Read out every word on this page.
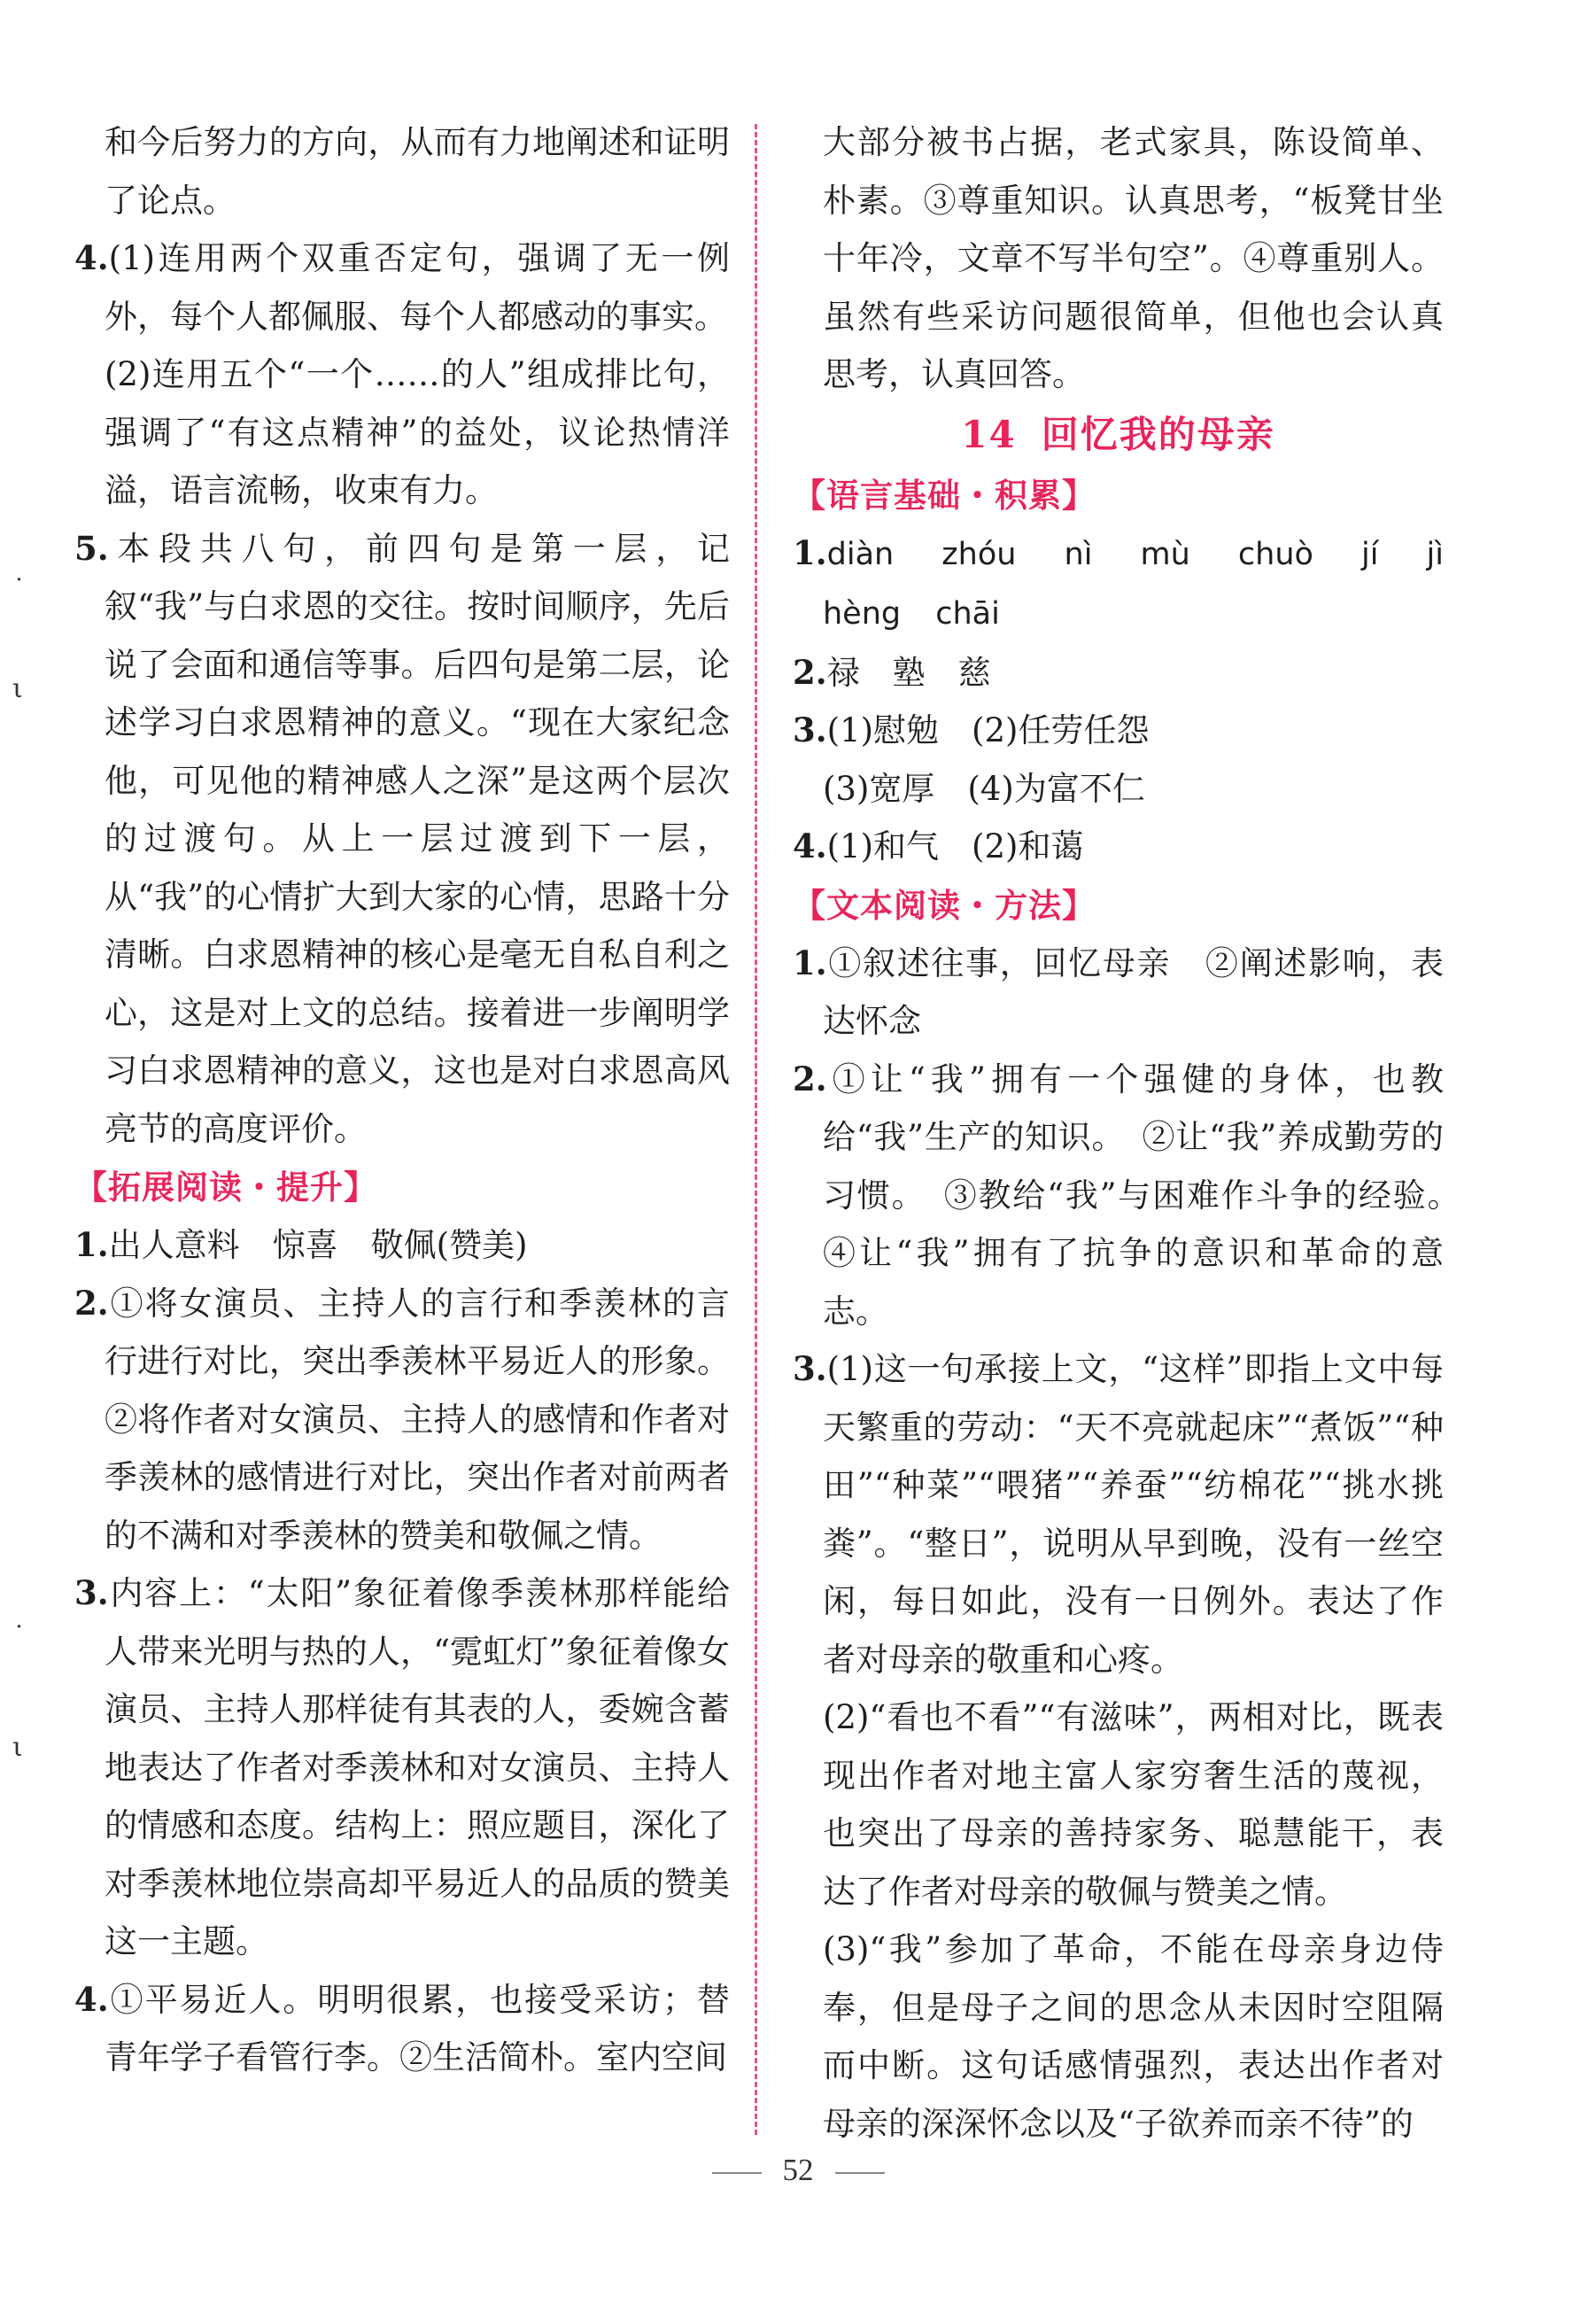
˙
ι
˙
ι

和今后努力的方向，从而有力地阐述和证明了论点。

4.(1)连用两个双重否定句，强调了无一例外，每个人都佩服、每个人都感动的事实。

(2)连用五个“一个……的人”组成排比句，强调了“有这点精神”的益处，议论热情洋溢，语言流畅，收束有力。

5.本段共八句，前四句是第一层，记叙“我”与白求恩的交往。按时间顺序，先后说了会面和通信等事。后四句是第二层，论述学习白求恩精神的意义。“现在大家纪念他，可见他的精神感人之深”是这两个层次的过渡句。从上一层过渡到下一层，从“我”的心情扩大到大家的心情，思路十分清晰。白求恩精神的核心是毫无自私自利之心，这是对上文的总结。接着进一步阐明学习白求恩精神的意义，这也是对白求恩高风亮节的高度评价。

【拓展阅读・提升】

1.出人意料　惊喜　敬佩(赞美)

2.①将女演员、主持人的言行和季羡林的言行进行对比，突出季羡林平易近人的形象。②将作者对女演员、主持人的感情和作者对季羡林的感情进行对比，突出作者对前两者的不满和对季羡林的赞美和敬佩之情。

3.内容上：“太阳”象征着像季羡林那样能给人带来光明与热的人，“霓虹灯”象征着像女演员、主持人那样徒有其表的人，委婉含蓄地表达了作者对季羡林和对女演员、主持人的情感和态度。结构上：照应题目，深化了对季羡林地位崇高却平易近人的品质的赞美这一主题。

4.①平易近人。明明很累，也接受采访；替青年学子看管行李。②生活简朴。室内空间

大部分被书占据，老式家具，陈设简单、朴素。③尊重知识。认真思考，“板凳甘坐十年冷，文章不写半句空”。④尊重别人。虽然有些采访问题很简单，但他也会认真思考，认真回答。

14 回忆我的母亲

【语言基础・积累】

1.diàn zhóu nì mù chuò jí jì hèng chāi

2.禄　塾　慈

3.(1)慰勉　(2)任劳任怨

(3)宽厚　(4)为富不仁

4.(1)和气　(2)和蔼

【文本阅读・方法】

1.①叙述往事，回忆母亲　②阐述影响，表达怀念

2.①让“我”拥有一个强健的身体，也教给“我”生产的知识。　②让“我”养成勤劳的习惯。　③教给“我”与困难作斗争的经验。　④让“我”拥有了抗争的意识和革命的意志。

3.(1)这一句承接上文，“这样”即指上文中每天繁重的劳动：“天不亮就起床”“煮饭”“种田”“种菜”“喂猪”“养蚕”“纺棉花”“挑水挑粪”。“整日”，说明从早到晚，没有一丝空闲，每日如此，没有一日例外。表达了作者对母亲的敬重和心疼。

(2)“看也不看”“有滋味”，两相对比，既表现出作者对地主富人家穷奢生活的蔑视，也突出了母亲的善持家务、聪慧能干，表达了作者对母亲的敬佩与赞美之情。

(3)“我”参加了革命，不能在母亲身边侍奉，但是母子之间的思念从未因时空阻隔而中断。这句话感情强烈，表达出作者对母亲的深深怀念以及“子欲养而亲不待”的

52
